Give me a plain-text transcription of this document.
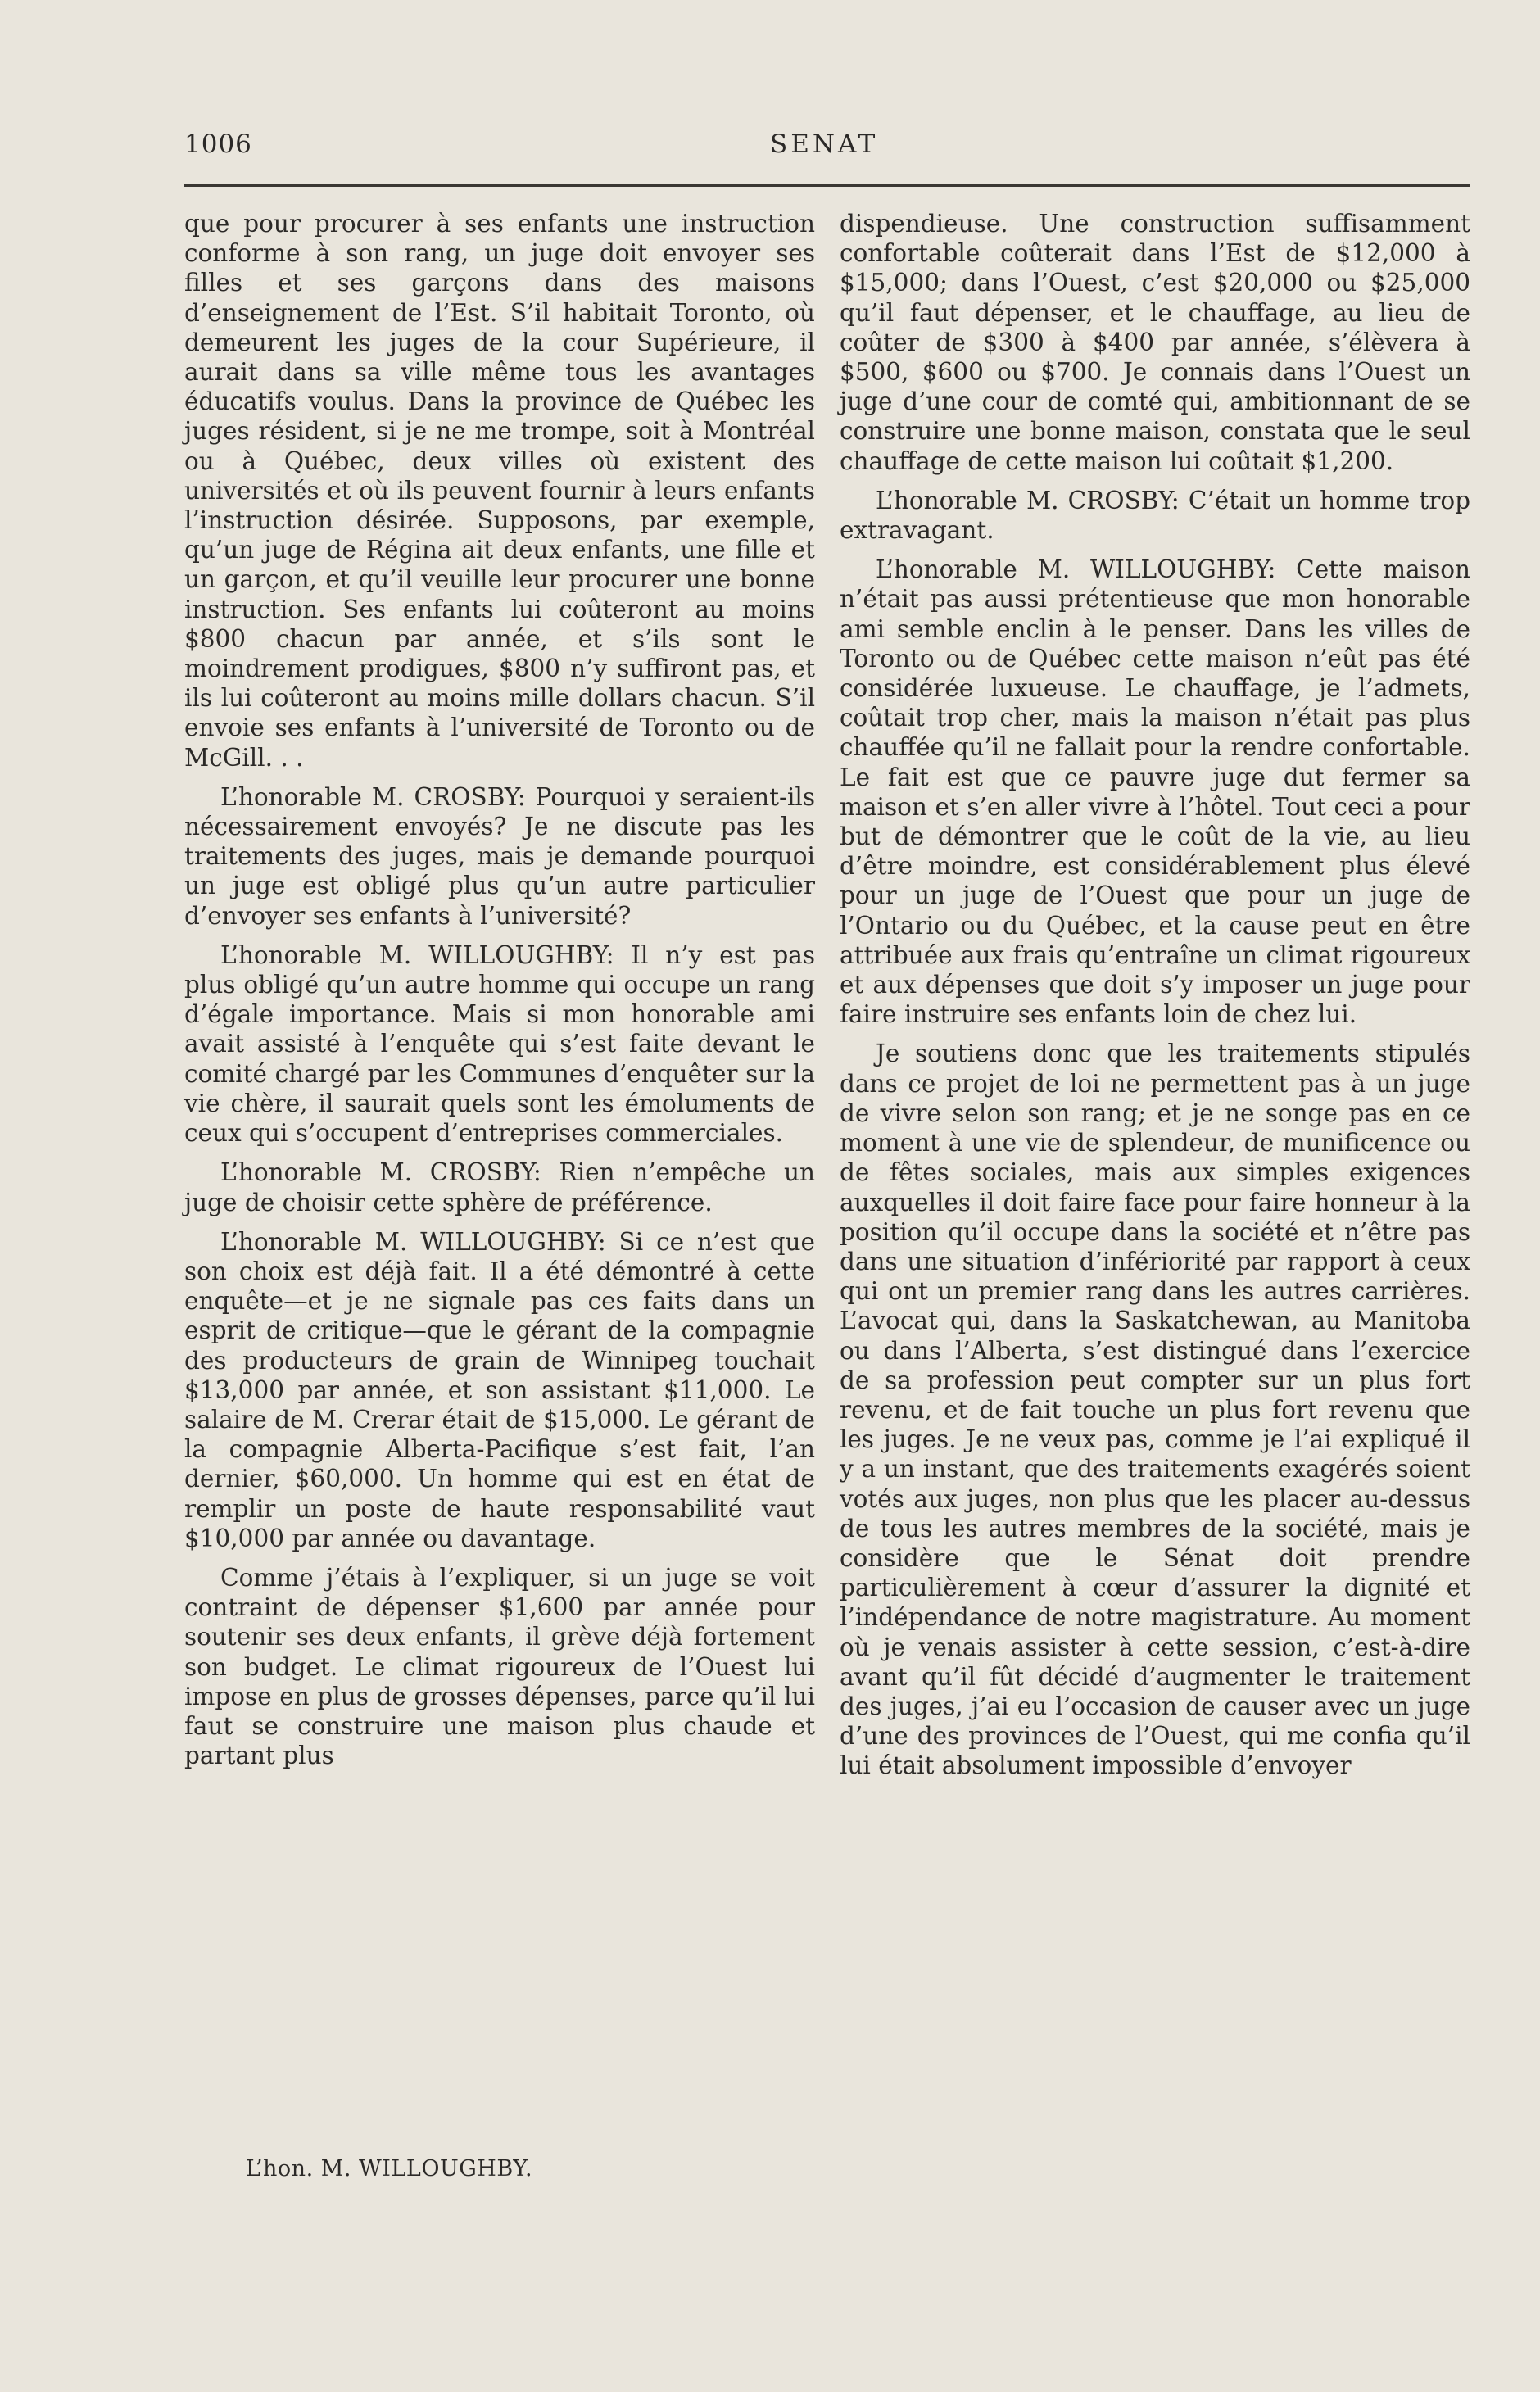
1006	SENAT

que pour procurer à ses enfants une instruction conforme à son rang, un juge doit envoyer ses filles et ses garçons dans des maisons d’enseignement de l’Est. S’il habitait Toronto, où demeurent les juges de la cour Supérieure, il aurait dans sa ville même tous les avantages éducatifs voulus. Dans la province de Québec les juges résident, si je ne me trompe, soit à Montréal ou à Québec, deux villes où existent des universités et où ils peuvent fournir à leurs enfants l’instruction désirée. Supposons, par exemple, qu’un juge de Régina ait deux enfants, une fille et un garçon, et qu’il veuille leur procurer une bonne instruction. Ses enfants lui coûteront au moins $800 chacun par année, et s’ils sont le moindrement prodigues, $800 n’y suffiront pas, et ils lui coûteront au moins mille dollars chacun. S’il envoie ses enfants à l’université de Toronto ou de McGill. . .

L’honorable M. CROSBY: Pourquoi y seraient-ils nécessairement envoyés? Je ne discute pas les traitements des juges, mais je demande pourquoi un juge est obligé plus qu’un autre particulier d’envoyer ses enfants à l’université?

L’honorable M. WILLOUGHBY: Il n’y est pas plus obligé qu’un autre homme qui occupe un rang d’égale importance. Mais si mon honorable ami avait assisté à l’enquête qui s’est faite devant le comité chargé par les Communes d’enquêter sur la vie chère, il saurait quels sont les émoluments de ceux qui s’occupent d’entreprises commerciales.

L’honorable M. CROSBY: Rien n’empêche un juge de choisir cette sphère de préférence.

L’honorable M. WILLOUGHBY: Si ce n’est que son choix est déjà fait. Il a été démontré à cette enquête—et je ne signale pas ces faits dans un esprit de critique—que le gérant de la compagnie des producteurs de grain de Winnipeg touchait $13,000 par année, et son assistant $11,000. Le salaire de M. Crerar était de $15,000. Le gérant de la compagnie Alberta-Pacifique s’est fait, l’an dernier, $60,000. Un homme qui est en état de remplir un poste de haute responsabilité vaut $10,000 par année ou davantage.

Comme j’étais à l’expliquer, si un juge se voit contraint de dépenser $1,600 par année pour soutenir ses deux enfants, il grève déjà fortement son budget. Le climat rigoureux de l’Ouest lui impose en plus de grosses dépenses, parce qu’il lui faut se construire une maison plus chaude et partant plus

dispendieuse. Une construction suffisamment confortable coûterait dans l’Est de $12,000 à $15,000; dans l’Ouest, c’est $20,000 ou $25,000 qu’il faut dépenser, et le chauffage, au lieu de coûter de $300 à $400 par année, s’élèvera à $500, $600 ou $700. Je connais dans l’Ouest un juge d’une cour de comté qui, ambitionnant de se construire une bonne maison, constata que le seul chauffage de cette maison lui coûtait $1,200.

L’honorable M. CROSBY: C’était un homme trop extravagant.

L’honorable M. WILLOUGHBY: Cette maison n’était pas aussi prétentieuse que mon honorable ami semble enclin à le penser. Dans les villes de Toronto ou de Québec cette maison n’eût pas été considérée luxueuse. Le chauffage, je l’admets, coûtait trop cher, mais la maison n’était pas plus chauffée qu’il ne fallait pour la rendre confortable. Le fait est que ce pauvre juge dut fermer sa maison et s’en aller vivre à l’hôtel. Tout ceci a pour but de démontrer que le coût de la vie, au lieu d’être moindre, est considérablement plus élevé pour un juge de l’Ouest que pour un juge de l’Ontario ou du Québec, et la cause peut en être attribuée aux frais qu’entraîne un climat rigoureux et aux dépenses que doit s’y imposer un juge pour faire instruire ses enfants loin de chez lui.

Je soutiens donc que les traitements stipulés dans ce projet de loi ne permettent pas à un juge de vivre selon son rang; et je ne songe pas en ce moment à une vie de splendeur, de munificence ou de fêtes sociales, mais aux simples exigences auxquelles il doit faire face pour faire honneur à la position qu’il occupe dans la société et n’être pas dans une situation d’infériorité par rapport à ceux qui ont un premier rang dans les autres carrières. L’avocat qui, dans la Saskatchewan, au Manitoba ou dans l’Alberta, s’est distingué dans l’exercice de sa profession peut compter sur un plus fort revenu, et de fait touche un plus fort revenu que les juges. Je ne veux pas, comme je l’ai expliqué il y a un instant, que des traitements exagérés soient votés aux juges, non plus que les placer au-dessus de tous les autres membres de la société, mais je considère que le Sénat doit prendre particulièrement à cœur d’assurer la dignité et l’indépendance de notre magistrature. Au moment où je venais assister à cette session, c’est-à-dire avant qu’il fût décidé d’augmenter le traitement des juges, j’ai eu l’occasion de causer avec un juge d’une des provinces de l’Ouest, qui me confia qu’il lui était absolument impossible d’envoyer

L’hon. M. WILLOUGHBY.
